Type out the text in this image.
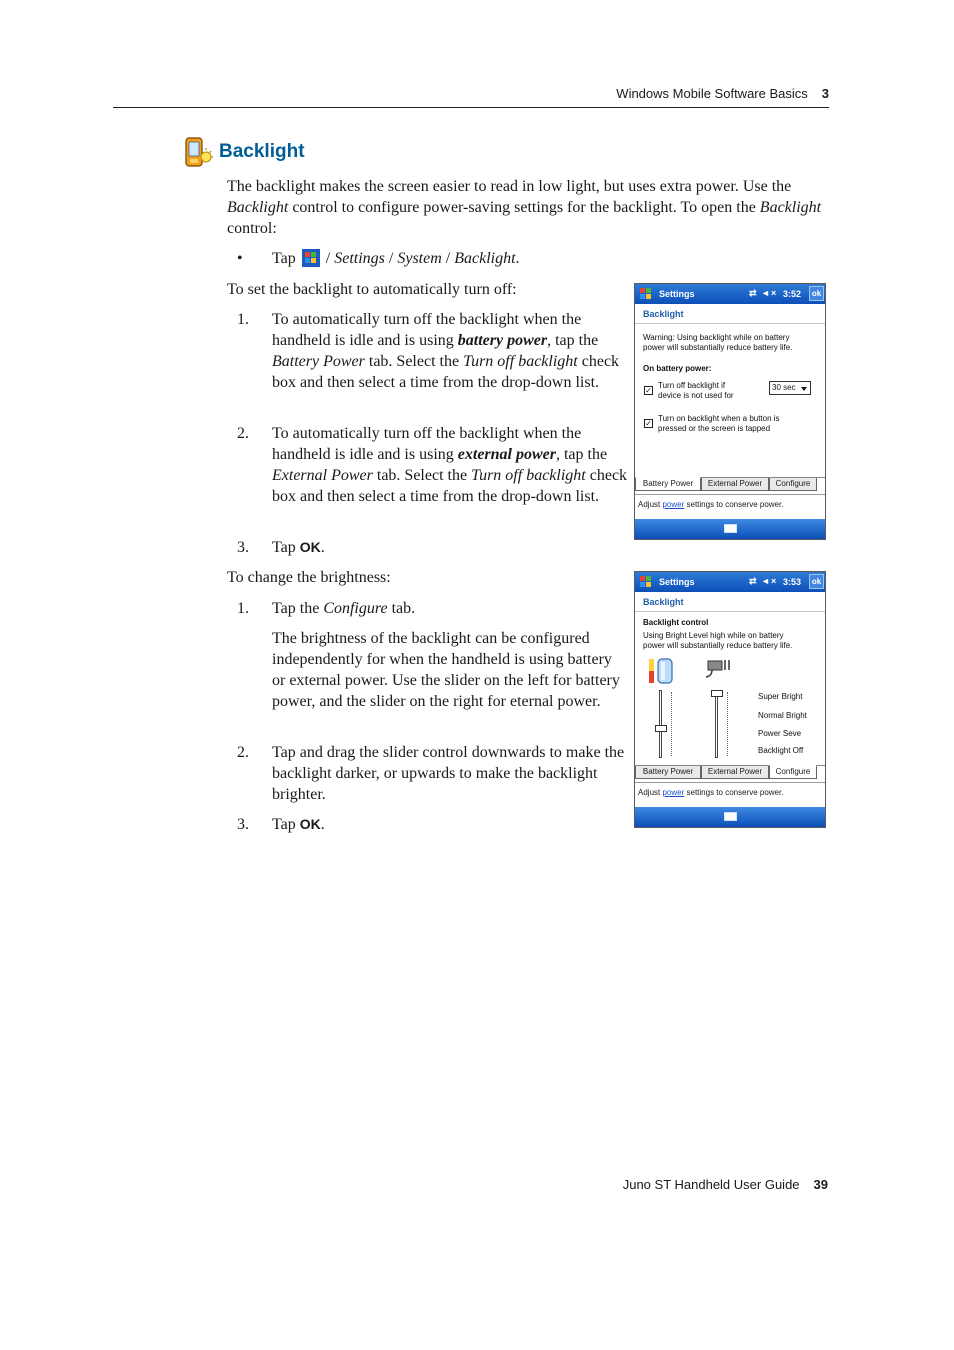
Windows Mobile Software Basics 3
Backlight

The backlight makes the screen easier to read in low light, but uses extra power. Use the Backlight control to configure power-saving settings for the backlight. To open the Backlight control:

• Tap / Settings / System / Backlight.

To set the backlight to automatically turn off:

1. To automatically turn off the backlight when the handheld is idle and is using battery power, tap the Battery Power tab. Select the Turn off backlight check box and then select a time from the drop-down list.

2. To automatically turn off the backlight when the handheld is idle and is using external power, tap the External Power tab. Select the Turn off backlight check box and then select a time from the drop-down list.

3. Tap OK.

To change the brightness:

1. Tap the Configure tab.

The brightness of the backlight can be configured independently for when the handheld is using battery or external power. Use the slider on the left for battery power, and the slider on the right for eternal power.

2. Tap and drag the slider control downwards to make the backlight darker, or upwards to make the backlight brighter.

3. Tap OK.

Settings	⇄ ◄× 3:52	ok
Backlight
Warning: Using backlight while on battery
power will substantially reduce battery life.
On battery power:
✓
Turn off backlight if
device is not used for
30 sec
✓
Turn on backlight when a button is
pressed or the screen is tapped
Battery Power	External Power	Configure
Adjust power settings to conserve power.
Settings	⇄ ◄× 3:53	ok
Backlight
Backlight control
Using Bright Level high while on battery
power will substantially reduce battery life.
Super Bright
Normal Bright
Power Seve
Backlight Off
Battery Power	External Power	Configure
Adjust power settings to conserve power.
Juno ST Handheld User Guide 39
